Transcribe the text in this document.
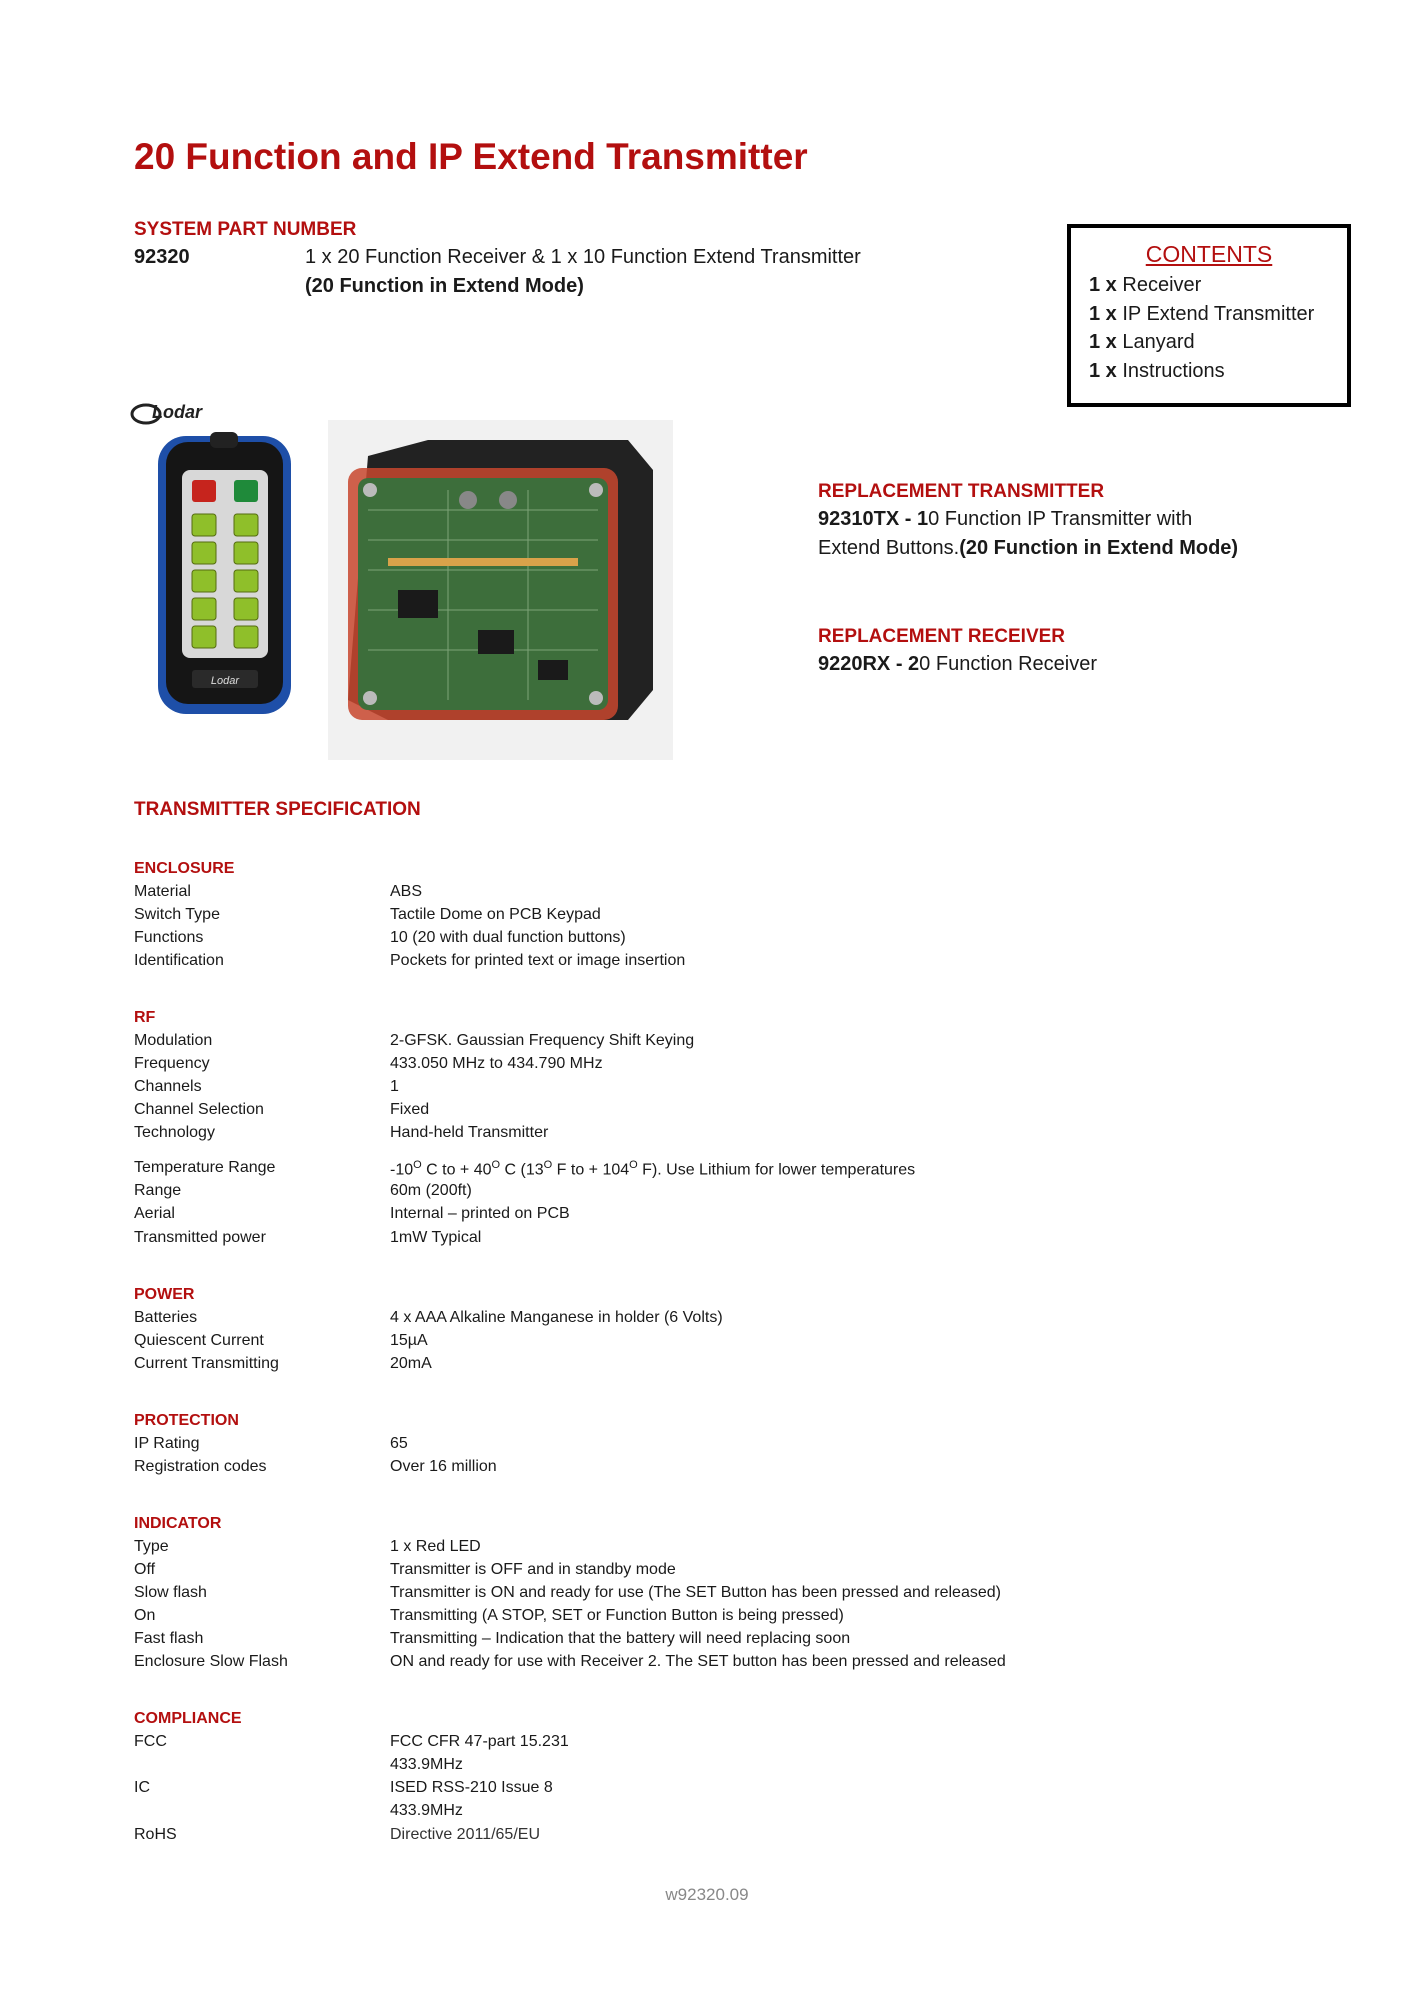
20 Function and IP Extend Transmitter
SYSTEM PART NUMBER
92320	1 x 20 Function Receiver & 1 x 10 Function Extend Transmitter
(20 Function in Extend Mode)
CONTENTS
1 x Receiver
1 x IP Extend Transmitter
1 x Lanyard
1 x Instructions
Lodar
Lodar
REPLACEMENT TRANSMITTER
92310TX - 10 Function IP Transmitter with
Extend Buttons.(20 Function in Extend Mode)
REPLACEMENT RECEIVER
9220RX - 20 Function Receiver
TRANSMITTER SPECIFICATION
ENCLOSURE
Material	ABS
Switch Type	Tactile Dome on PCB Keypad
Functions	10 (20 with dual function buttons)
Identification	Pockets for printed text or image insertion
RF
Modulation	2-GFSK. Gaussian Frequency Shift Keying
Frequency	433.050 MHz to 434.790 MHz
Channels	1
Channel Selection	Fixed
Technology	Hand-held Transmitter
Temperature Range	$-10^O$ C to + $40^O$ C ($13^O$ F to + $104^O$ F). Use Lithium for lower temperatures
Range	60m (200ft)
Aerial	Internal – printed on PCB
Transmitted power	1mW Typical
POWER
Batteries	4 x AAA Alkaline Manganese in holder (6 Volts)
Quiescent Current	15µA
Current Transmitting	20mA
PROTECTION
IP Rating	65
Registration codes	Over 16 million
INDICATOR
Type	1 x Red LED
Off	Transmitter is OFF and in standby mode
Slow flash	Transmitter is ON and ready for use (The SET Button has been pressed and released)
On	Transmitting (A STOP, SET or Function Button is being pressed)
Fast flash	Transmitting – Indication that the battery will need replacing soon
Enclosure Slow Flash	ON and ready for use with Receiver 2. The SET button has been pressed and released
COMPLIANCE
FCC	FCC CFR 47-part 15.231
433.9MHz
IC	ISED RSS-210 Issue 8
433.9MHz
RoHS	Directive 2011/65/EU
w92320.09
